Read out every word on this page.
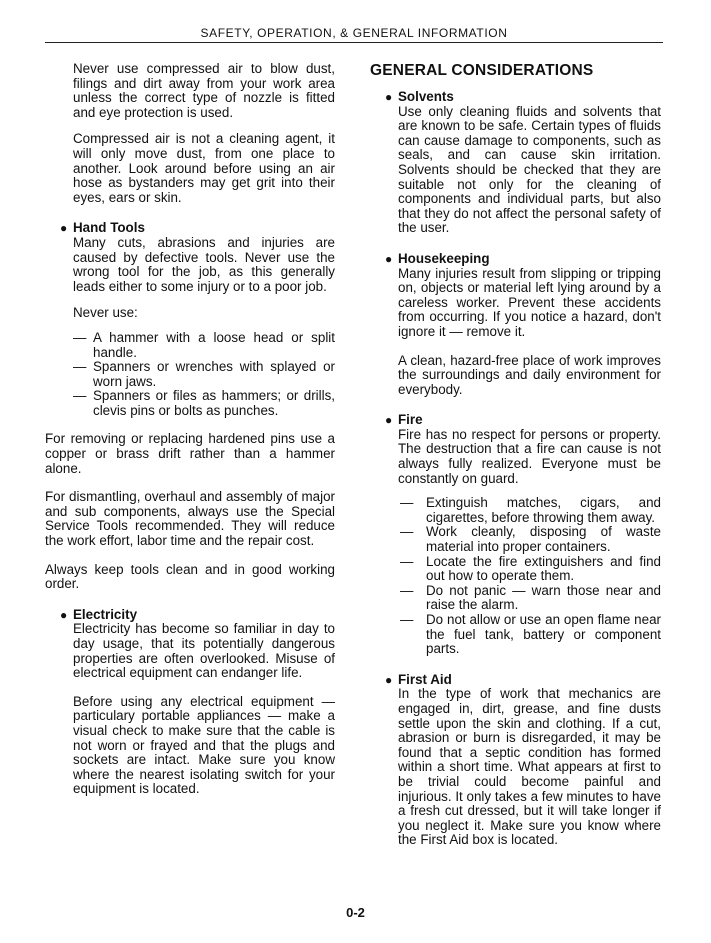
SAFETY, OPERATION, & GENERAL INFORMATION

Never use compressed air to blow dust, filings and dirt away from your work area unless the correct type of nozzle is fitted and eye protection is used.

Compressed air is not a cleaning agent, it will only move dust, from one place to another. Look around before using an air hose as bystanders may get grit into their eyes, ears or skin.

● Hand Tools

Many cuts, abrasions and injuries are caused by defective tools. Never use the wrong tool for the job, as this generally leads either to some injury or to a poor job.

Never use:

— A hammer with a loose head or split handle.
— Spanners or wrenches with splayed or worn jaws.
— Spanners or files as hammers; or drills, clevis pins or bolts as punches.

For removing or replacing hardened pins use a copper or brass drift rather than a hammer alone.

For dismantling, overhaul and assembly of major and sub components, always use the Special Service Tools recommended. They will reduce the work effort, labor time and the repair cost.

Always keep tools clean and in good working order.

● Electricity

Electricity has become so familiar in day to day usage, that its potentially dangerous properties are often overlooked. Misuse of electrical equipment can endanger life.

Before using any electrical equipment — particulary portable appliances — make a visual check to make sure that the cable is not worn or frayed and that the plugs and sockets are intact. Make sure you know where the nearest isolating switch for your equipment is located.

GENERAL CONSIDERATIONS
● Solvents

Use only cleaning fluids and solvents that are known to be safe. Certain types of fluids can cause damage to components, such as seals, and can cause skin irritation. Solvents should be checked that they are suitable not only for the cleaning of components and individual parts, but also that they do not affect the personal safety of the user.

● Housekeeping

Many injuries result from slipping or tripping on, objects or material left lying around by a careless worker. Prevent these accidents from occurring. If you notice a hazard, don't ignore it — remove it.

A clean, hazard-free place of work improves the surroundings and daily environment for everybody.

● Fire

Fire has no respect for persons or property. The destruction that a fire can cause is not always fully realized. Everyone must be constantly on guard.

— Extinguish matches, cigars, and cigarettes, before throwing them away.
— Work cleanly, disposing of waste material into proper containers.
— Locate the fire extinguishers and find out how to operate them.
— Do not panic — warn those near and raise the alarm.
— Do not allow or use an open flame near the fuel tank, battery or component parts.
● First Aid

In the type of work that mechanics are engaged in, dirt, grease, and fine dusts settle upon the skin and clothing. If a cut, abrasion or burn is disregarded, it may be found that a septic condition has formed within a short time. What appears at first to be trivial could become painful and injurious. It only takes a few minutes to have a fresh cut dressed, but it will take longer if you neglect it. Make sure you know where the First Aid box is located.

0-2
